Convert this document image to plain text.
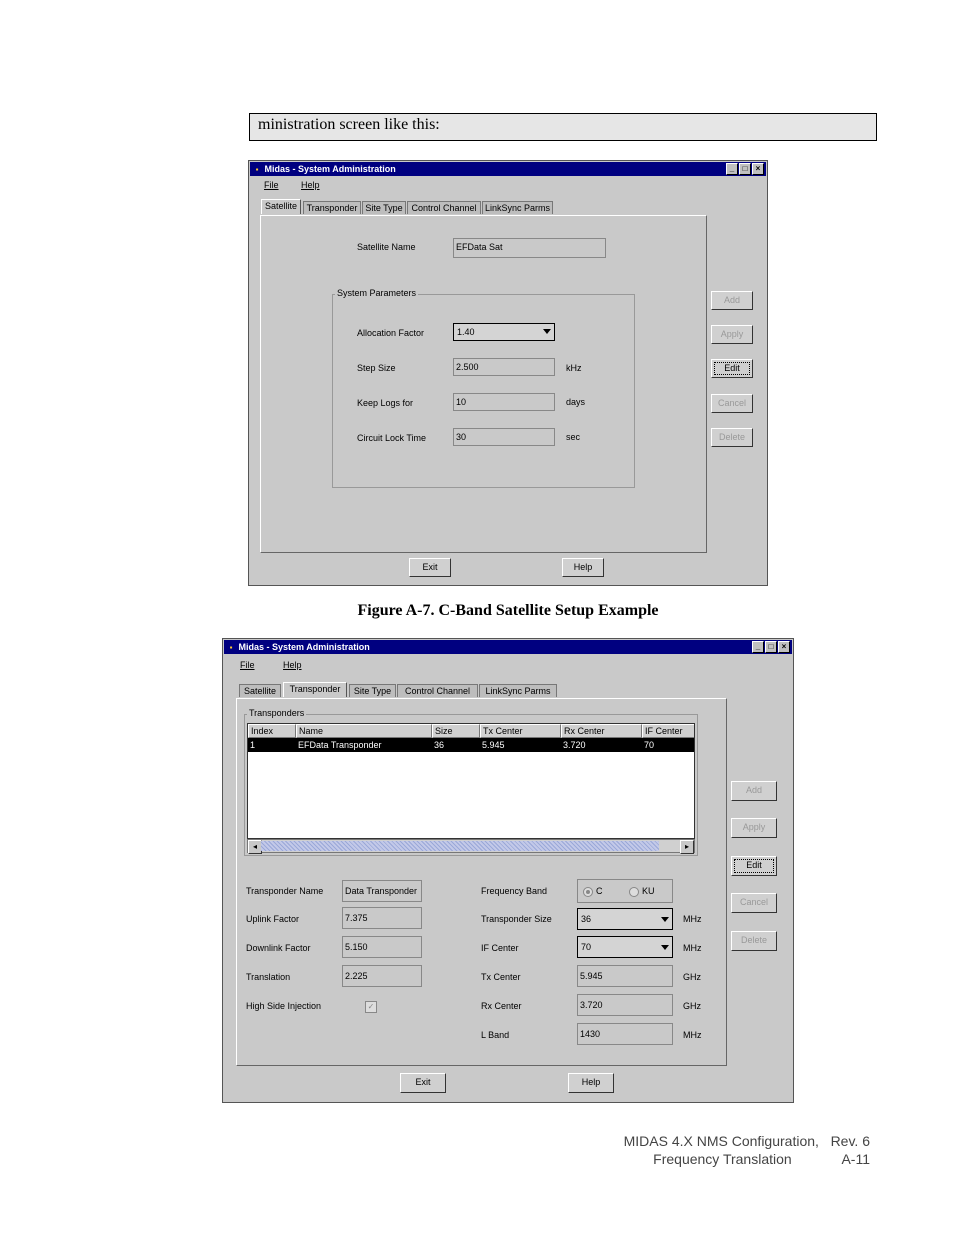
ministration screen like this:
▪ Midas - System Administration	_ □ ×
File	Help
Satellite	Transponder Site Type Control Channel LinkSync Parms
Satellite Name	EFData Sat
System Parameters
Allocation Factor	1.40
Step Size	2.500	kHz
Keep Logs for	10	days
Circuit Lock Time	30	sec
Add
Apply
Edit
Cancel
Delete
Exit	Help
Figure A-7. C-Band Satellite Setup Example
▪ Midas - System Administration	_ □ ×
File	Help
Satellite	Transponder	Site Type	Control Channel	LinkSync Parms
Transponders
Index	Name	Size	Tx Center	Rx Center	IF Center
1	EFData Transponder	36	5.945	3.720	70
◂	▸
Transponder Name	Data Transponder
Uplink Factor	7.375
Downlink Factor	5.150
Translation	2.225
High Side Injection	✓
Frequency Band	C	KU
Transponder Size	36	MHz
IF Center	70	MHz
Tx Center	5.945	GHz
Rx Center	3.720	GHz
L Band	1430	MHz
Add
Apply
Edit
Cancel
Delete
Exit	Help
MIDAS 4.X NMS Configuration,   Rev. 6
Frequency Translation             A-11
